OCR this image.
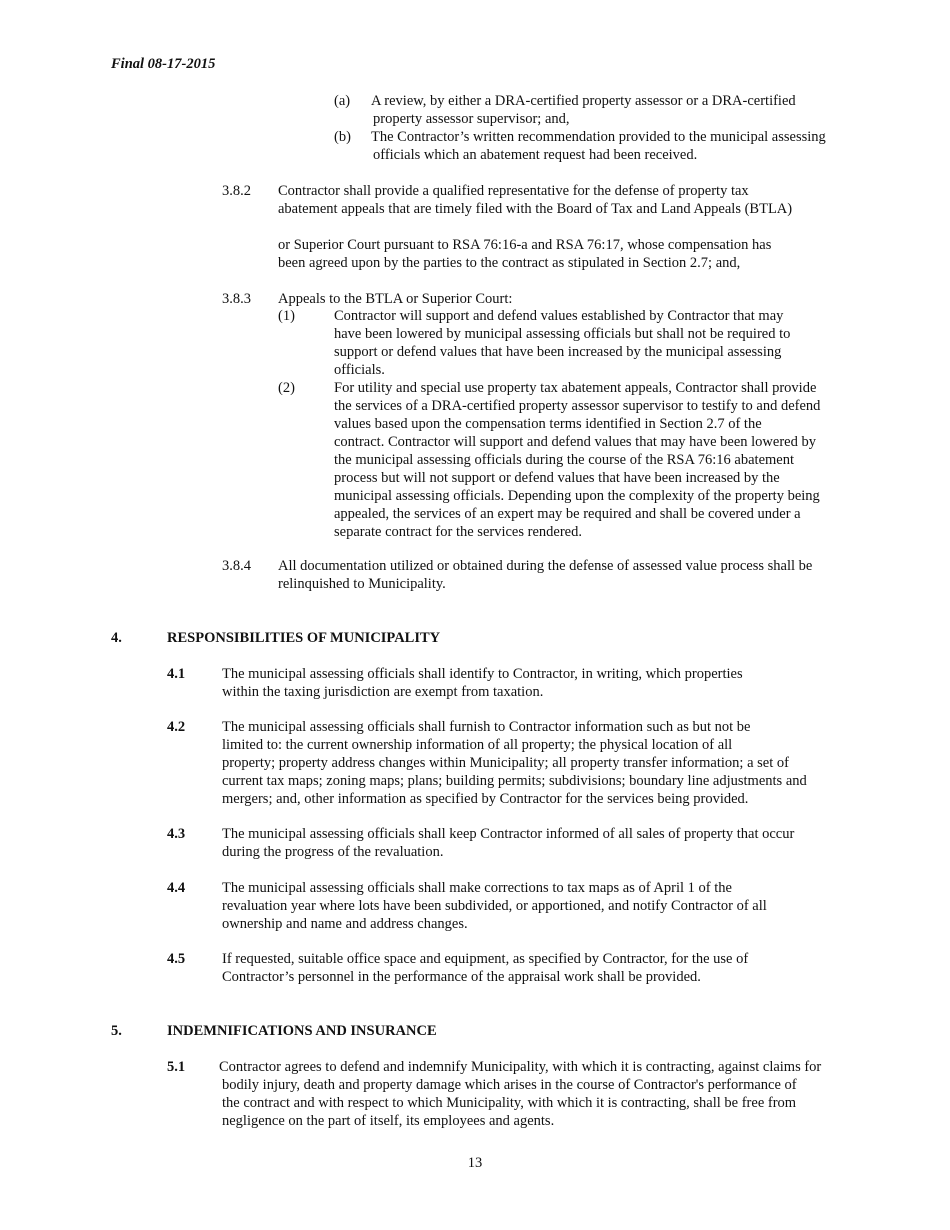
Final 08-17-2015
(a) A review, by either a DRA-certified property assessor or a DRA-certified
property assessor supervisor; and,
(b) The Contractor’s written recommendation provided to the municipal assessing
officials which an abatement request had been received.
3.8.2 Contractor shall provide a qualified representative for the defense of property tax
abatement appeals that are timely filed with the Board of Tax and Land Appeals (BTLA)
or Superior Court pursuant to RSA 76:16-a and RSA 76:17, whose compensation has
been agreed upon by the parties to the contract as stipulated in Section 2.7; and,
3.8.3 Appeals to the BTLA or Superior Court:
(1)	Contractor will support and defend values established by Contractor that may
have been lowered by municipal assessing officials but shall not be required to
support or defend values that have been increased by the municipal assessing
officials.
(2)	For utility and special use property tax abatement appeals, Contractor shall provide
the services of a DRA-certified property assessor supervisor to testify to and defend
values based upon the compensation terms identified in Section 2.7 of the
contract. Contractor will support and defend values that may have been lowered by
the municipal assessing officials during the course of the RSA 76:16 abatement
process but will not support or defend values that have been increased by the
municipal assessing officials. Depending upon the complexity of the property being
appealed, the services of an expert may be required and shall be covered under a
separate contract for the services rendered.
3.8.4 All documentation utilized or obtained during the defense of assessed value process shall be
relinquished to Municipality.
4.	RESPONSIBILITIES OF MUNICIPALITY
4.1	The municipal assessing officials shall identify to Contractor, in writing, which properties
within the taxing jurisdiction are exempt from taxation.
4.2	The municipal assessing officials shall furnish to Contractor information such as but not be
limited to: the current ownership information of all property; the physical location of all
property; property address changes within Municipality; all property transfer information; a set of
current tax maps; zoning maps; plans; building permits; subdivisions; boundary line adjustments and
mergers; and, other information as specified by Contractor for the services being provided.
4.3	The municipal assessing officials shall keep Contractor informed of all sales of property that occur
during the progress of the revaluation.
4.4	The municipal assessing officials shall make corrections to tax maps as of April 1 of the
revaluation year where lots have been subdivided, or apportioned, and notify Contractor of all
ownership and name and address changes.
4.5	If requested, suitable office space and equipment, as specified by Contractor, for the use of
Contractor’s personnel in the performance of the appraisal work shall be provided.
5.	INDEMNIFICATIONS AND INSURANCE
5.1 Contractor agrees to defend and indemnify Municipality, with which it is contracting, against claims for
bodily injury, death and property damage which arises in the course of Contractor's performance of
the contract and with respect to which Municipality, with which it is contracting, shall be free from
negligence on the part of itself, its employees and agents.
13
